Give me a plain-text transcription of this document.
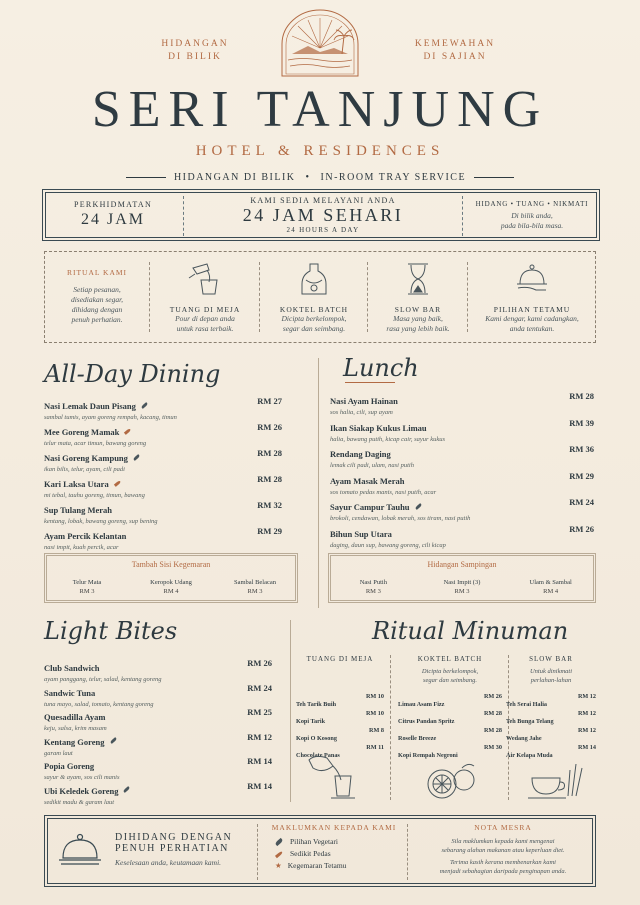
HIDANGAN
DI BILIK
KEMEWAHAN
DI SAJIAN
SERI TANJUNG
HOTEL & RESIDENCES
HIDANGAN DI BILIK • IN-ROOM TRAY SERVICE
PERKHIDMATAN
24 JAM
KAMI SEDIA MELAYANI ANDA
24 JAM SEHARI
24 HOURS A DAY
HIDANG • TUANG • NIKMATI
Di bilik anda,
pada bila-bila masa.
RITUAL KAMI
Setiap pesanan,
disediakan segar,
dihidang dengan
penuh perhatian.
TUANG DI MEJA
Pour di depan anda
untuk rasa terbaik.
KOKTEL BATCH
Dicipta berkelompok,
segar dan seimbang.
SLOW BAR
Masa yang baik,
rasa yang lebih baik.
PILIHAN TETAMU
Kami dengar, kami cadangkan,
anda tentukan.
All-Day Dining
Nasi Lemak Daun Pisang	RM 27
sambal tumis, ayam goreng rempah, kacang, timun
Mee Goreng Mamak	RM 26
telur mata, acar timun, bawang goreng
Nasi Goreng Kampung	RM 28
ikan bilis, telur, ayam, cili padi
Kari Laksa Utara	RM 28
mi tebal, tauhu goreng, timun, bawang
Sup Tulang Merah	RM 32
kentang, lobak, bawang goreng, sup bening
Ayam Percik Kelantan	RM 29
nasi impit, kuah percik, acar
Tambah Sisi Kegemaran
Telur Mata
RM 3
Keropok Udang
RM 4
Sambal Belacan
RM 3
Lunch
Nasi Ayam Hainan	RM 28
sos halia, cili, sup ayam
Ikan Siakap Kukus Limau	RM 39
halia, bawang putih, kicap cair, sayur kukus
Rendang Daging	RM 36
lemak cili padi, ulam, nasi putih
Ayam Masak Merah	RM 29
sos tomato pedas manis, nasi putih, acar
Sayur Campur Tauhu	RM 24
brokoli, cendawan, lobak merah, sos tiram, nasi putih
Bihun Sup Utara	RM 26
daging, daun sup, bawang goreng, cili kicap
Hidangan Sampingan
Nasi Putih
RM 3
Nasi Impit (3)
RM 3
Ulam & Sambal
RM 4
Light Bites
Club Sandwich	RM 26
ayam panggang, telur, salad, kentang goreng
Sandwic Tuna	RM 24
tuna mayo, salad, tomato, kentang goreng
Quesadilla Ayam	RM 25
keju, salsa, krim masam
Kentang Goreng	RM 12
garam laut
Popia Goreng	RM 14
sayur & ayam, sos cili manis
Ubi Keledek Goreng	RM 14
sedikit madu & garam laut
Ritual Minuman
TUANG DI MEJA
Teh Tarik Buih
RM 10
Kopi Tarik
RM 10
Kopi O Kosong
RM 8
Chocolate Panas
RM 11
KOKTEL BATCH
Dicipta berkelompok,
segar dan seimbang.
Limau Asam Fizz
RM 26
Citrus Pandan Spritz
RM 28
Roselle Breeze
RM 28
Kopi Rempah Negroni
RM 30
SLOW BAR
Untuk dinikmati
perlahan-lahan
Teh Serai Halia
RM 12
Teh Bunga Telang
RM 12
Wedang Jahe
RM 12
Air Kelapa Muda
RM 14
DIHIDANG DENGAN
PENUH PERHATIAN
Keselesaan anda, keutamaan kami.
MAKLUMKAN KEPADA KAMI
Pilihan Vegetari
Sedikit Pedas
★ Kegemaran Tetamu
NOTA MESRA
Sila maklumkan kepada kami mengenai
sebarang alahan makanan atau keperluan diet.
Terima kasih kerana membenarkan kami
menjadi sebahagian daripada penginapan anda.
